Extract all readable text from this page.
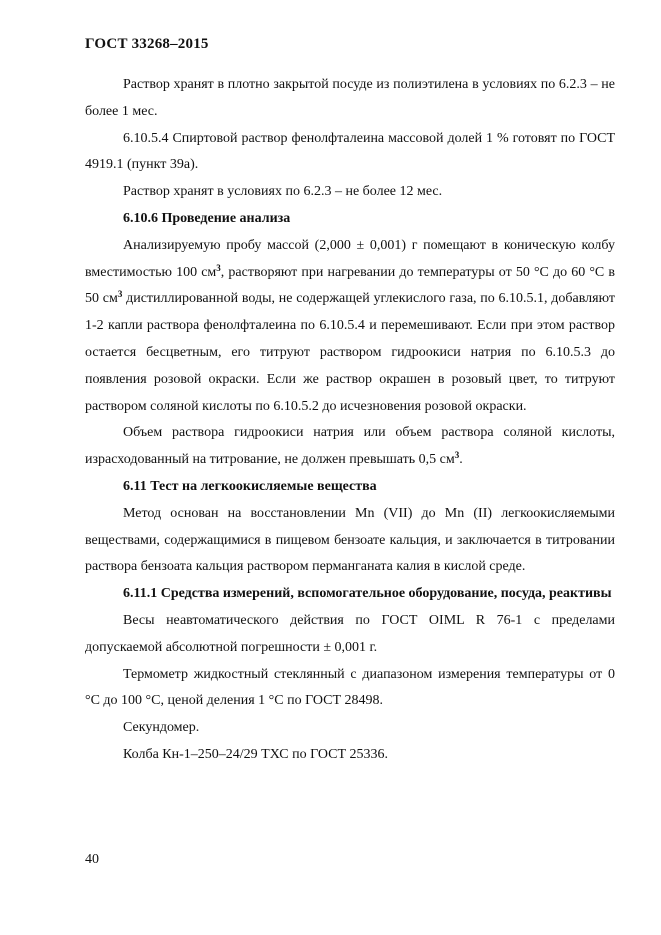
ГОСТ 33268–2015

Раствор хранят в плотно закрытой посуде из полиэтилена в условиях по 6.2.3 – не более 1 мес.

6.10.5.4 Спиртовой раствор фенолфталеина массовой долей 1 % готовят по ГОСТ 4919.1 (пункт 39а).

Раствор хранят в условиях по 6.2.3 – не более 12 мес.

6.10.6 Проведение анализа

Анализируемую пробу массой (2,000 ± 0,001) г помещают в коническую колбу вместимостью 100 $см^3$, растворяют при нагревании до температуры от 50 °С до 60 °С в 50 $см^3$ дистиллированной воды, не содержащей углекислого газа, по 6.10.5.1, добавляют 1-2 капли раствора фенолфталеина по 6.10.5.4 и перемешивают. Если при этом раствор остается бесцветным, его титруют раствором гидроокиси натрия по 6.10.5.3 до появления розовой окраски. Если же раствор окрашен в розовый цвет, то титруют раствором соляной кислоты по 6.10.5.2 до исчезновения розовой окраски.

Объем раствора гидроокиси натрия или объем раствора соляной кислоты, израсходованный на титрование, не должен превышать 0,5 $см^3$.

6.11 Тест на легкоокисляемые вещества

Метод основан на восстановлении Mn (VII) до Mn (II) легкоокисляемыми веществами, содержащимися в пищевом бензоате кальция, и заключается в титровании раствора бензоата кальция раствором перманганата калия в кислой среде.

6.11.1 Средства измерений, вспомогательное оборудование, посуда, реактивы

Весы неавтоматического действия по ГОСТ OIML R 76-1 с пределами допускаемой абсолютной погрешности ± 0,001 г.

Термометр жидкостный стеклянный с диапазоном измерения температуры от 0 °С до 100 °С, ценой деления 1 °С по ГОСТ 28498.

Секундомер.

Колба Кн-1–250–24/29 ТХС по ГОСТ 25336.

40
